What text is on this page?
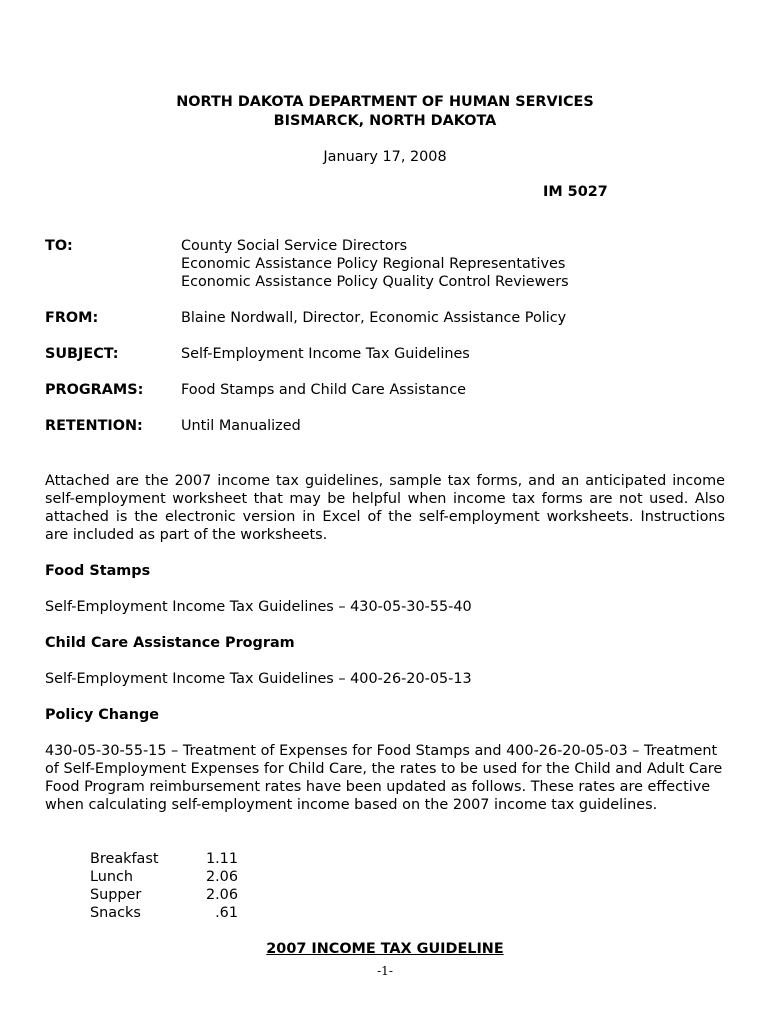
NORTH DAKOTA DEPARTMENT OF HUMAN SERVICES
BISMARCK, NORTH DAKOTA
January 17, 2008
IM 5027
TO:	County Social Service Directors
Economic Assistance Policy Regional Representatives
Economic Assistance Policy Quality Control Reviewers
FROM:	Blaine Nordwall, Director, Economic Assistance Policy
SUBJECT:	Self-Employment Income Tax Guidelines
PROGRAMS:	Food Stamps and Child Care Assistance
RETENTION:	Until Manualized
Attached are the 2007 income tax guidelines, sample tax forms, and an anticipated income self-employment worksheet that may be helpful when income tax forms are not used. Also attached is the electronic version in Excel of the self-employment worksheets. Instructions are included as part of the worksheets.
Food Stamps
Self-Employment Income Tax Guidelines – 430-05-30-55-40
Child Care Assistance Program
Self-Employment Income Tax Guidelines – 400-26-20-05-13
Policy Change
430-05-30-55-15 – Treatment of Expenses for Food Stamps and 400-26-20-05-03 – Treatment of Self-Employment Expenses for Child Care, the rates to be used for the Child and Adult Care Food Program reimbursement rates have been updated as follows. These rates are effective when calculating self-employment income based on the 2007 income tax guidelines.
Breakfast	1.11
Lunch	2.06
Supper	2.06
Snacks	.61
2007 INCOME TAX GUIDELINE
-1-
